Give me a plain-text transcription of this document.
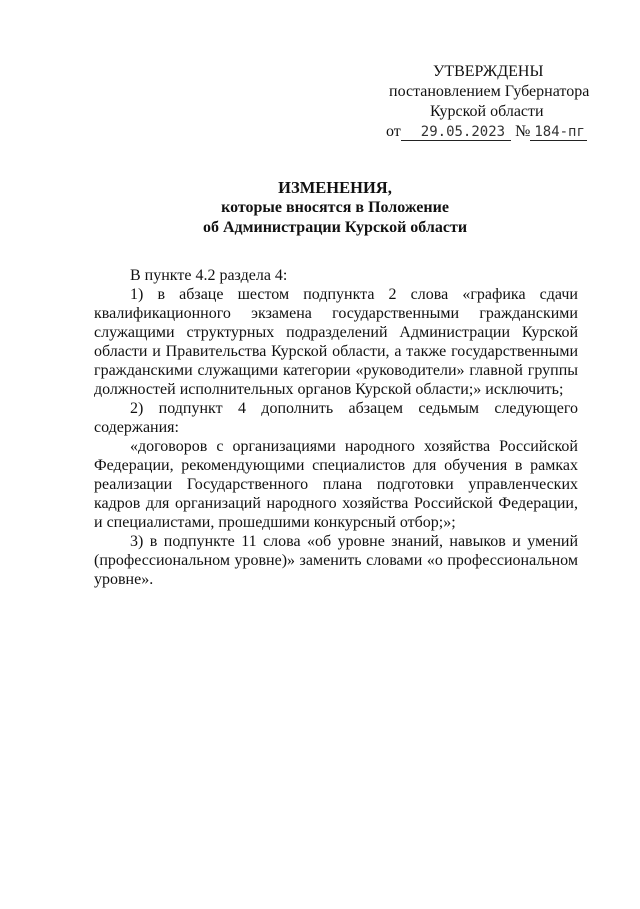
УТВЕРЖДЕНЫ
постановлением Губернатора
Курской области
от 29.05.2023 № 184-пг
ИЗМЕНЕНИЯ,
которые вносятся в Положение
об Администрации Курской области

В пункте 4.2 раздела 4:

1) в абзаце шестом подпункта 2 слова «графика сдачи квалификационного экзамена государственными гражданскими служащими структурных подразделений Администрации Курской области и Правительства Курской области, а также государственными гражданскими служащими категории «руководители» главной группы должностей исполнительных органов Курской области;» исключить;

2) подпункт 4 дополнить абзацем седьмым следующего содержания:

«договоров с организациями народного хозяйства Российской Федерации, рекомендующими специалистов для обучения в рамках реализации Государственного плана подготовки управленческих кадров для организаций народного хозяйства Российской Федерации, и специалистами, прошедшими конкурсный отбор;»;

3) в подпункте 11 слова «об уровне знаний, навыков и умений (профессиональном уровне)» заменить словами «о профессиональном уровне».
